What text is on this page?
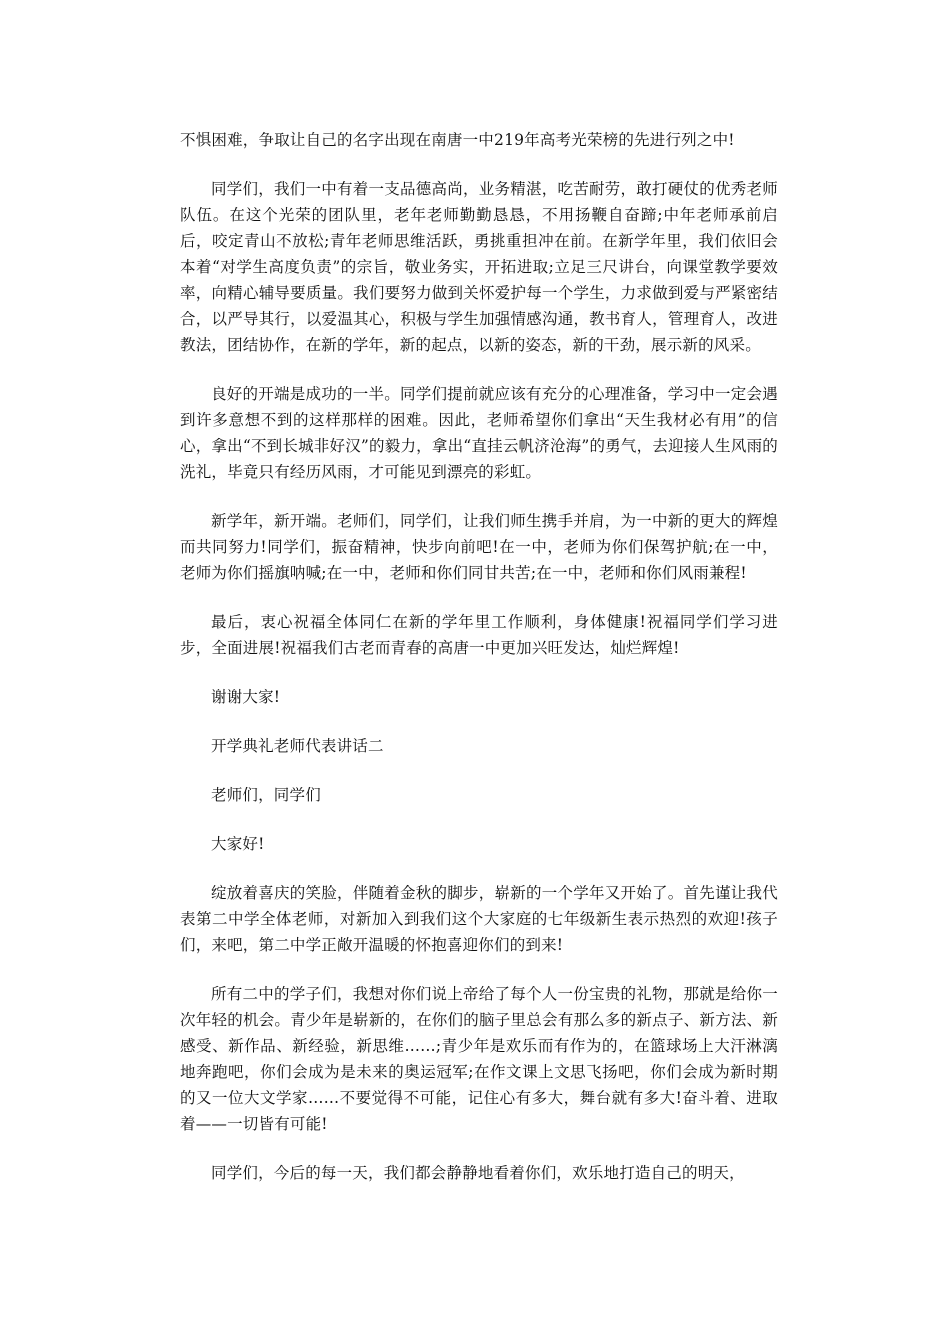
不惧困难，争取让自己的名字出现在南唐一中219年高考光荣榜的先进行列之中!

同学们，我们一中有着一支品德高尚，业务精湛，吃苦耐劳，敢打硬仗的优秀老师队伍。在这个光荣的团队里，老年老师勤勤恳恳，不用扬鞭自奋蹄;中年老师承前启后，咬定青山不放松;青年老师思维活跃，勇挑重担冲在前。在新学年里，我们依旧会本着“对学生高度负责”的宗旨，敬业务实，开拓进取;立足三尺讲台，向课堂教学要效率，向精心辅导要质量。我们要努力做到关怀爱护每一个学生，力求做到爱与严紧密结合，以严导其行，以爱温其心，积极与学生加强情感沟通，教书育人，管理育人，改进教法，团结协作，在新的学年，新的起点，以新的姿态，新的干劲，展示新的风采。

良好的开端是成功的一半。同学们提前就应该有充分的心理准备，学习中一定会遇到许多意想不到的这样那样的困难。因此，老师希望你们拿出“天生我材必有用”的信心，拿出“不到长城非好汉”的毅力，拿出“直挂云帆济沧海”的勇气，去迎接人生风雨的洗礼，毕竟只有经历风雨，才可能见到漂亮的彩虹。

新学年，新开端。老师们，同学们，让我们师生携手并肩，为一中新的更大的辉煌而共同努力!同学们，振奋精神，快步向前吧!在一中，老师为你们保驾护航;在一中，老师为你们摇旗呐喊;在一中，老师和你们同甘共苦;在一中，老师和你们风雨兼程!

最后，衷心祝福全体同仁在新的学年里工作顺利，身体健康!祝福同学们学习进步，全面进展!祝福我们古老而青春的高唐一中更加兴旺发达，灿烂辉煌!

谢谢大家!

开学典礼老师代表讲话二

老师们，同学们

大家好!

绽放着喜庆的笑脸，伴随着金秋的脚步，崭新的一个学年又开始了。首先谨让我代表第二中学全体老师，对新加入到我们这个大家庭的七年级新生表示热烈的欢迎!孩子们，来吧，第二中学正敞开温暖的怀抱喜迎你们的到来!

所有二中的学子们，我想对你们说上帝给了每个人一份宝贵的礼物，那就是给你一次年轻的机会。青少年是崭新的，在你们的脑子里总会有那么多的新点子、新方法、新感受、新作品、新经验，新思维……;青少年是欢乐而有作为的，在篮球场上大汗淋漓地奔跑吧，你们会成为是未来的奥运冠军;在作文课上文思飞扬吧，你们会成为新时期的又一位大文学家……不要觉得不可能，记住心有多大，舞台就有多大!奋斗着、进取着——一切皆有可能!

同学们，今后的每一天，我们都会静静地看着你们，欢乐地打造自己的明天，
